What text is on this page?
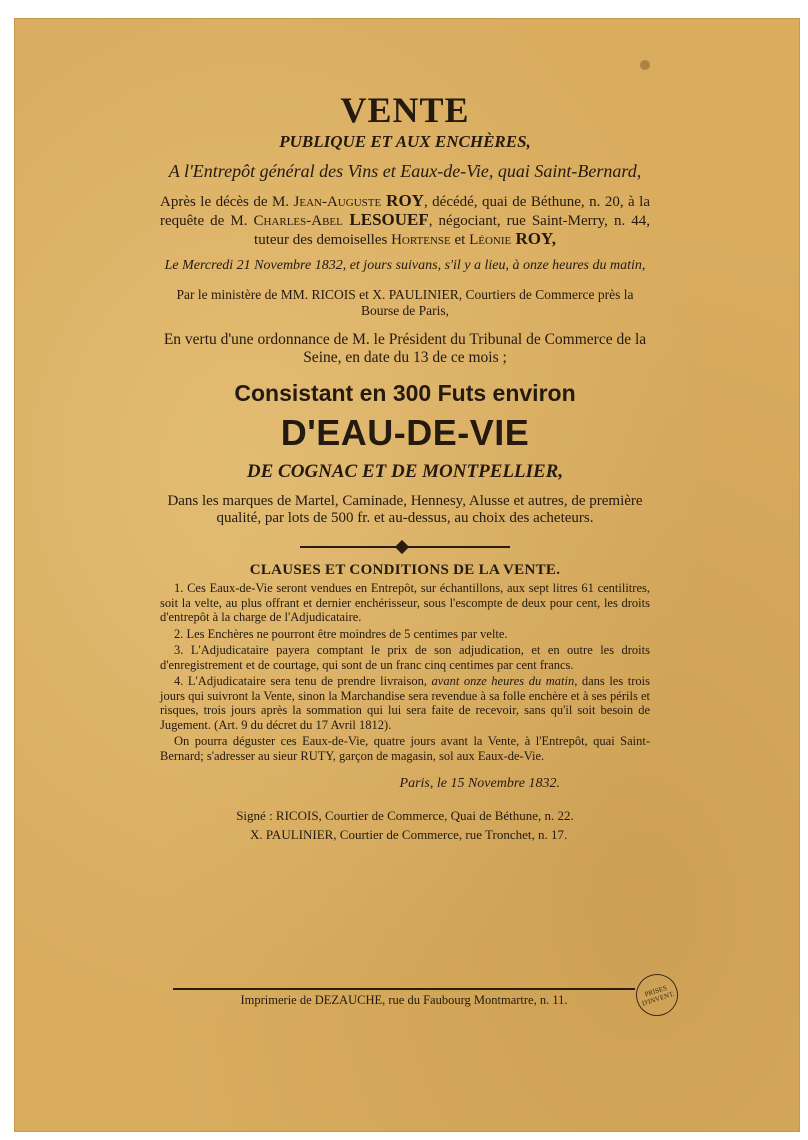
VENTE
PUBLIQUE ET AUX ENCHÈRES,
A l'Entrepôt général des Vins et Eaux-de-Vie, quai Saint-Bernard,
Après le décès de M. Jean-Auguste ROY, décédé, quai de Béthune, n. 20, à la requête de M. Charles-Abel LESOUEF, négociant, rue Saint-Merry, n. 44, tuteur des demoiselles Hortense et Léonie ROY,
Le Mercredi 21 Novembre 1832, et jours suivans, s'il y a lieu, à onze heures du matin,
Par le ministère de MM. RICOIS et X. PAULINIER, Courtiers de Commerce près la Bourse de Paris,
En vertu d'une ordonnance de M. le Président du Tribunal de Commerce de la Seine, en date du 13 de ce mois ;
Consistant en 300 Futs environ
D'EAU-DE-VIE
DE COGNAC ET DE MONTPELLIER,
Dans les marques de Martel, Caminade, Hennesy, Alusse et autres, de première qualité, par lots de 500 fr. et au-dessus, au choix des acheteurs.
CLAUSES ET CONDITIONS DE LA VENTE.
1. Ces Eaux-de-Vie seront vendues en Entrepôt, sur échantillons, aux sept litres 61 centilitres, soit la velte, au plus offrant et dernier enchérisseur, sous l'escompte de deux pour cent, les droits d'entrepôt à la charge de l'Adjudicataire.
2. Les Enchères ne pourront être moindres de 5 centimes par velte.
3. L'Adjudicataire payera comptant le prix de son adjudication, et en outre les droits d'enregistrement et de courtage, qui sont de un franc cinq centimes par cent francs.
4. L'Adjudicataire sera tenu de prendre livraison, avant onze heures du matin, dans les trois jours qui suivront la Vente, sinon la Marchandise sera revendue à sa folle enchère et à ses périls et risques, trois jours après la sommation qui lui sera faite de recevoir, sans qu'il soit besoin de Jugement. (Art. 9 du décret du 17 Avril 1812).
On pourra déguster ces Eaux-de-Vie, quatre jours avant la Vente, à l'Entrepôt, quai Saint-Bernard; s'adresser au sieur RUTY, garçon de magasin, sol aux Eaux-de-Vie.
Paris, le 15 Novembre 1832.
Signé : RICOIS, Courtier de Commerce, Quai de Béthune, n. 22.
X. PAULINIER, Courtier de Commerce, rue Tronchet, n. 17.
Imprimerie de DEZAUCHE, rue du Faubourg Montmartre, n. 11.
PRISES D'INVENT.
